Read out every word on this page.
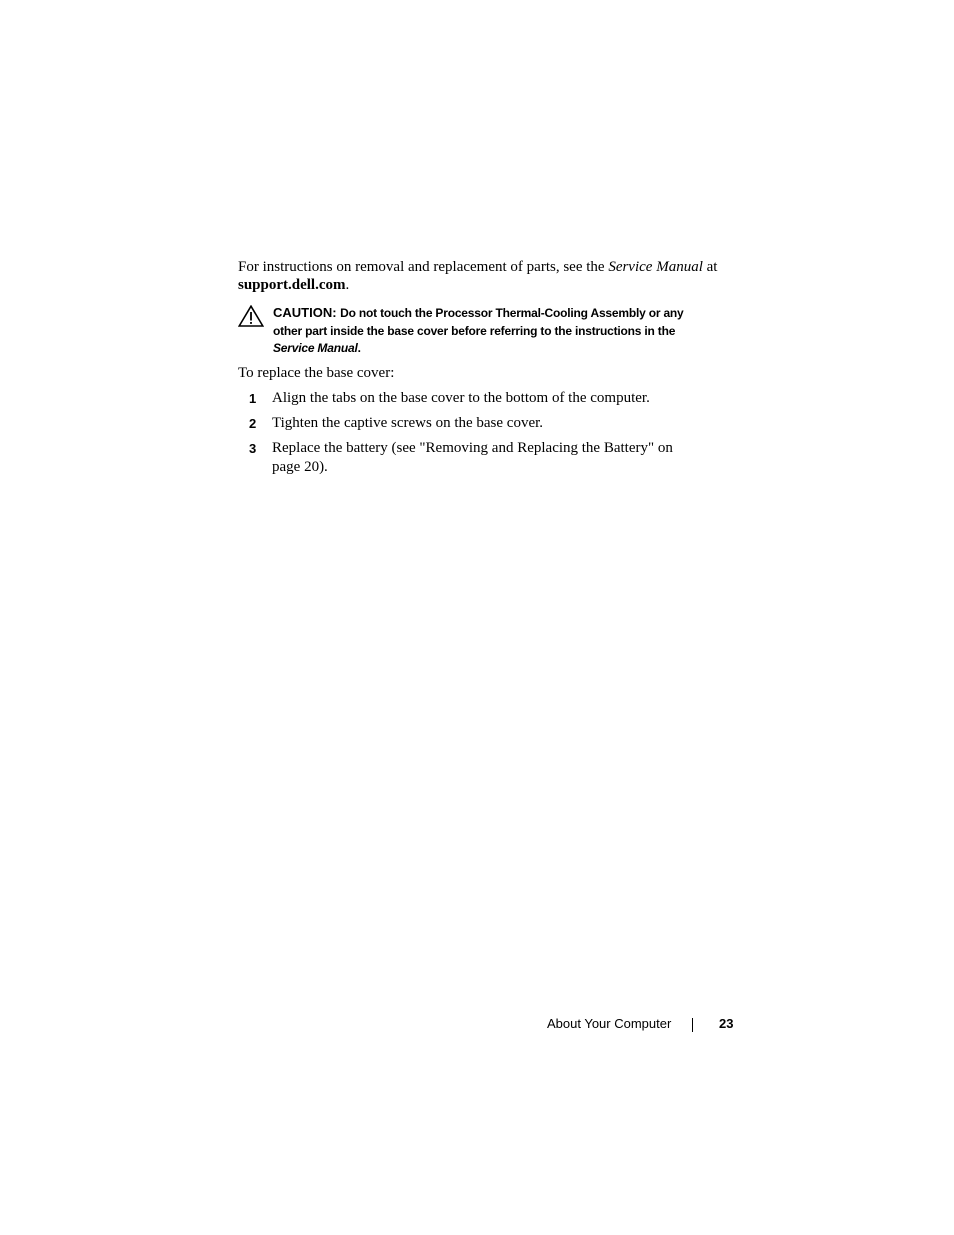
For instructions on removal and replacement of parts, see the Service Manual at support.dell.com.

CAUTION: Do not touch the Processor Thermal-Cooling Assembly or any other part inside the base cover before referring to the instructions in the Service Manual.

To replace the base cover:

1 Align the tabs on the base cover to the bottom of the computer.
2 Tighten the captive screws on the base cover.
3 Replace the battery (see "Removing and Replacing the Battery" on page 20).
About Your Computer	23
